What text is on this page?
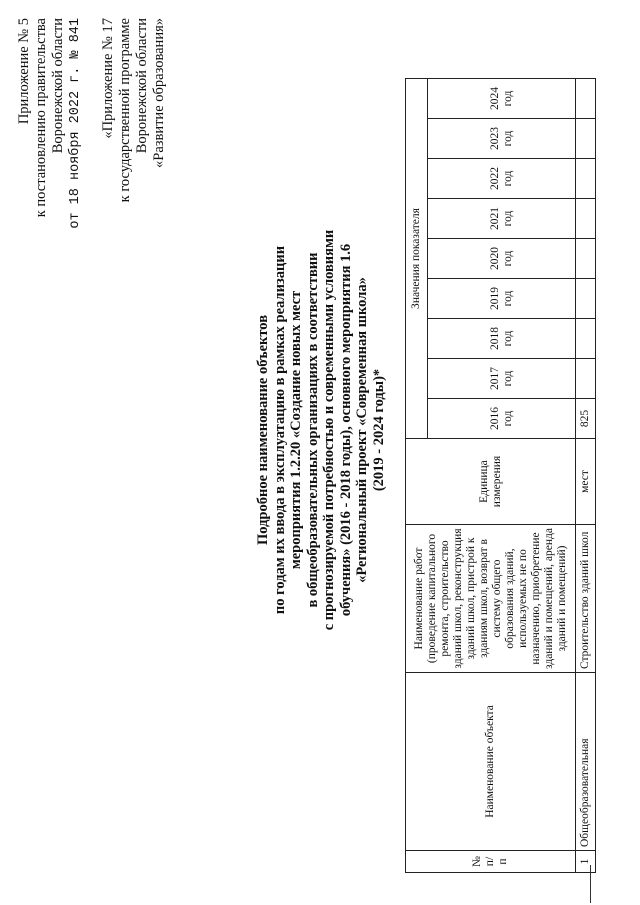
Приложение № 5 к постановлению правительства Воронежской области от 18 ноября 2022 г. № 841 «Приложение № 17 к государственной программе Воронежской области «Развитие образования»
Подробное наименование объектов по годам их ввода в эксплуатацию в рамках реализации мероприятия 1.2.20 «Создание новых мест в общеобразовательных организациях в соответствии с прогнозируемой потребностью и современными условиями обучения» (2016 - 2018 годы), основного мероприятия 1.6 «Региональный проект «Современная школа» (2019 - 2024 годы)*
№ п/п	Наименование объекта	Наименование работ (проведение капитального ремонта, строительство зданий школ, реконструкция зданий школ, пристрой к зданиям школ, возврат в систему общего образования зданий, используемых не по назначению, приобретение зданий и помещений, аренда зданий и помещений)	Единица измерения	Значения показателя								
				2016 год	2017 год	2018 год	2019 год	2020 год	2021 год	2022 год	2023 год	2024 год
1	Общеобразовательная	Строительство зданий школ	мест	825								
